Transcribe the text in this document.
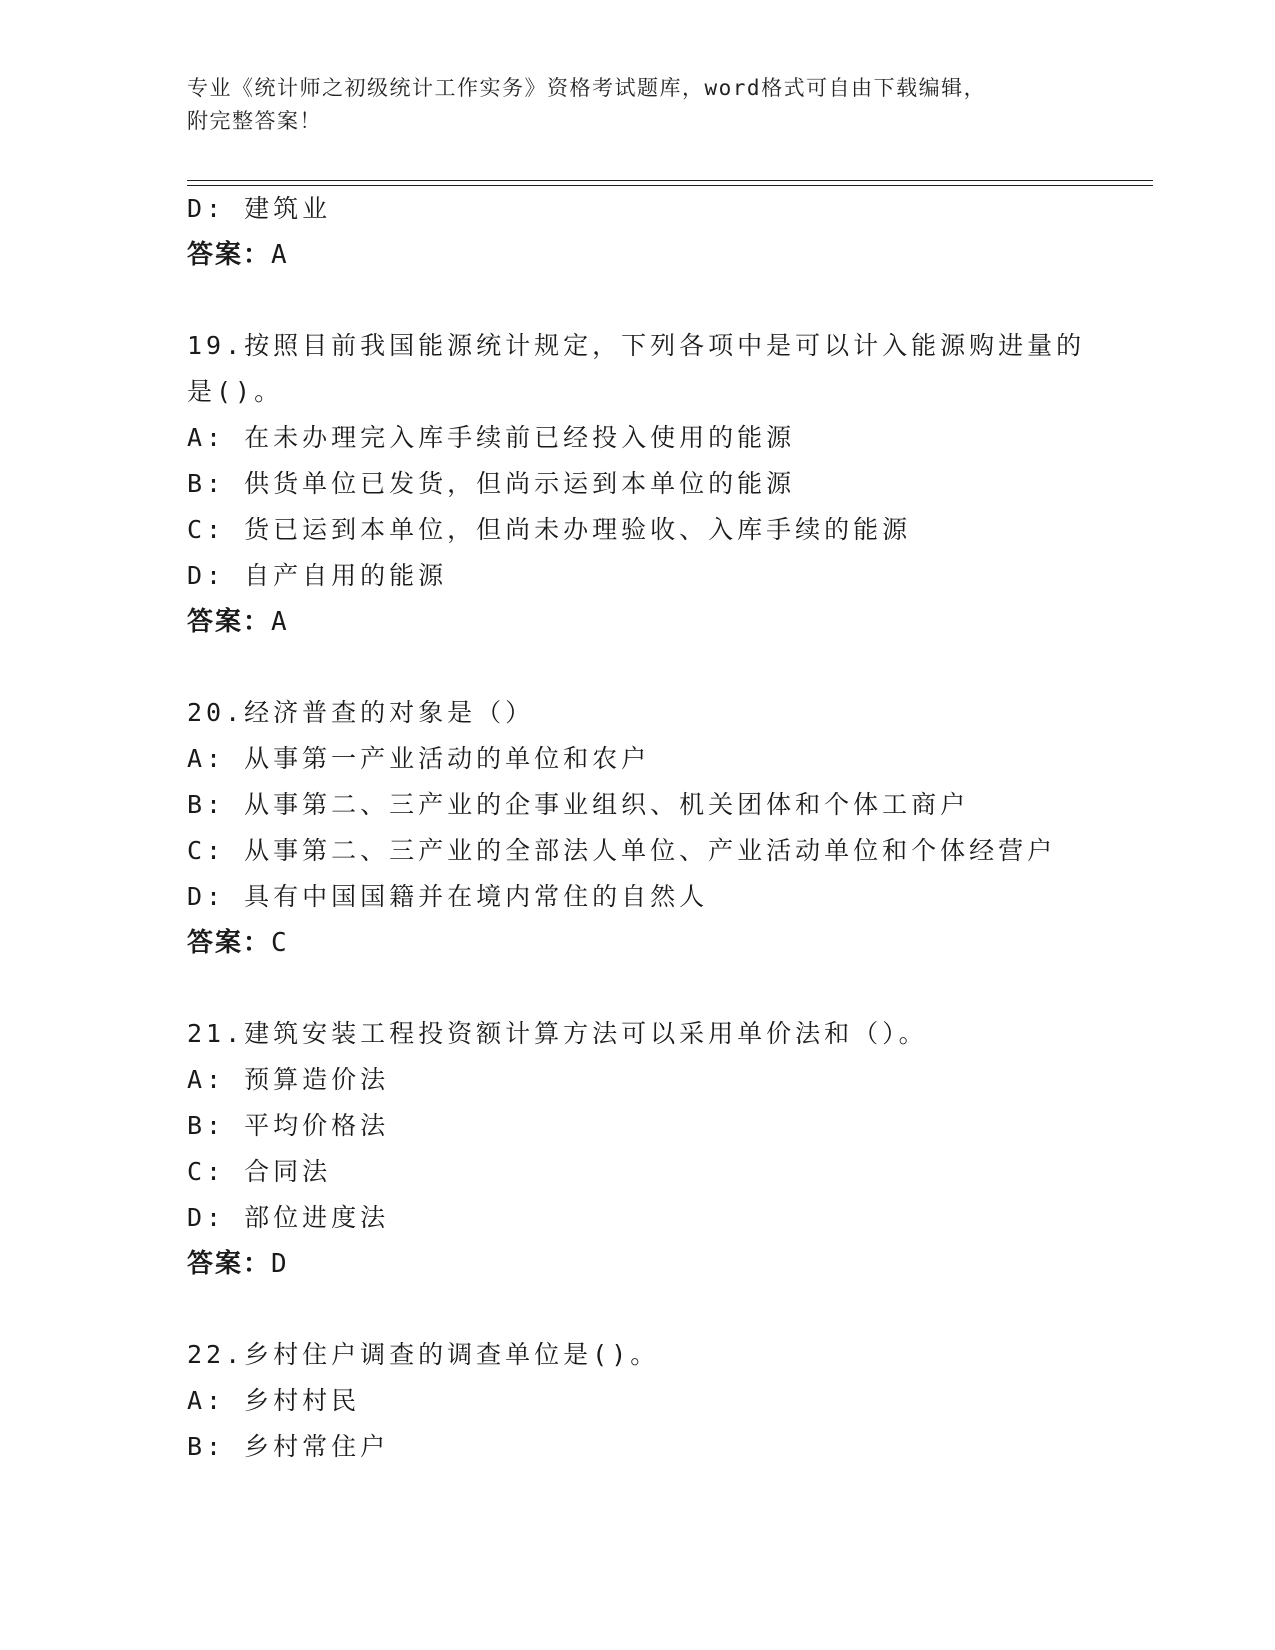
专业《统计师之初级统计工作实务》资格考试题库，word格式可自由下载编辑，
附完整答案！
D: 建筑业
答案：A
19.按照目前我国能源统计规定，下列各项中是可以计入能源购进量的
是()。
A: 在未办理完入库手续前已经投入使用的能源
B: 供货单位已发货，但尚示运到本单位的能源
C: 货已运到本单位，但尚未办理验收、入库手续的能源
D: 自产自用的能源
答案：A
20.经济普查的对象是（）
A: 从事第一产业活动的单位和农户
B: 从事第二、三产业的企事业组织、机关团体和个体工商户
C: 从事第二、三产业的全部法人单位、产业活动单位和个体经营户
D: 具有中国国籍并在境内常住的自然人
答案：C
21.建筑安装工程投资额计算方法可以采用单价法和（）。
A: 预算造价法
B: 平均价格法
C: 合同法
D: 部位进度法
答案：D
22.乡村住户调查的调查单位是()。
A: 乡村村民
B: 乡村常住户
